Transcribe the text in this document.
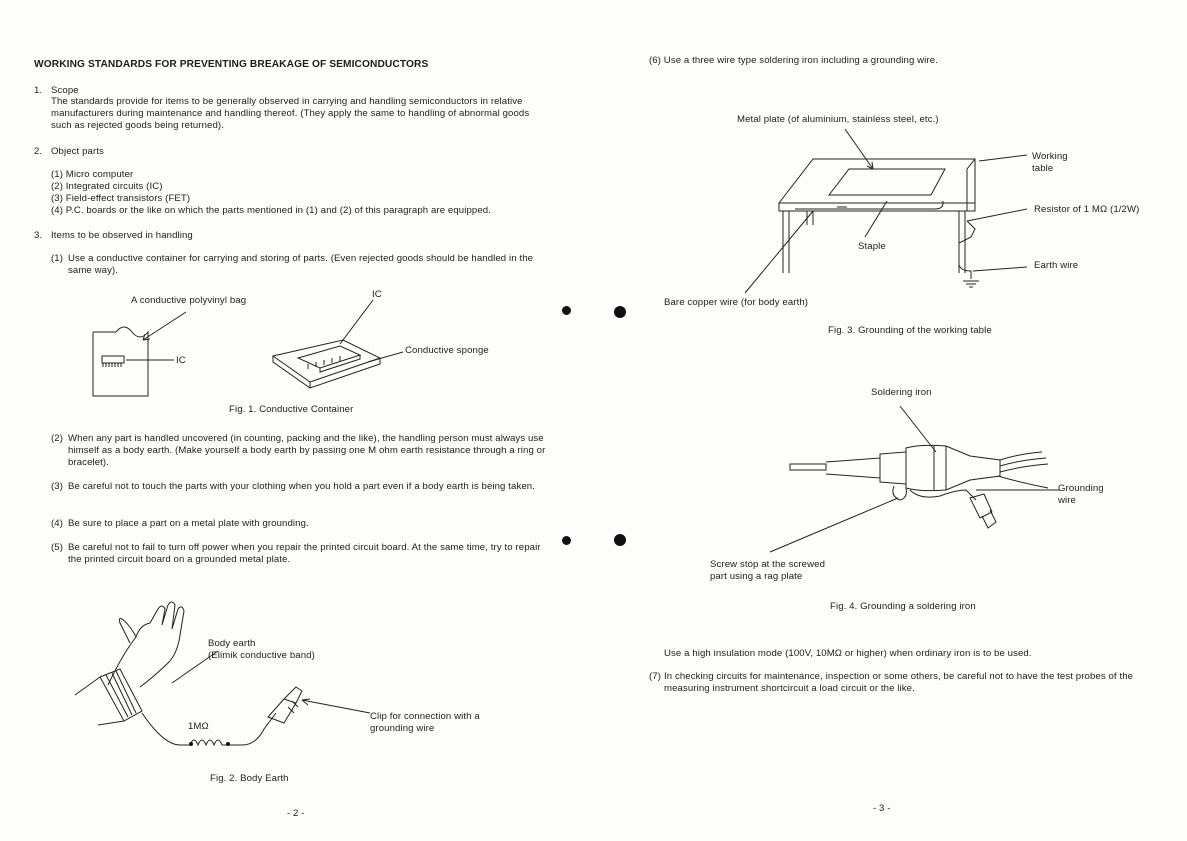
WORKING STANDARDS FOR PREVENTING BREAKAGE OF SEMICONDUCTORS
1. Scope
The standards provide for items to be generally observed in carrying and handling semiconductors in relative manufacturers during maintenance and handling thereof. (They apply the same to handling of abnormal goods such as rejected goods being returned).
2. Object parts
(1) Micro computer
(2) Integrated circuits (IC)
(3) Field-effect transistors (FET)
(4) P.C. boards or the like on which the parts mentioned in (1) and (2) of this paragraph are equipped.
3. Items to be observed in handling
(1) Use a conductive container for carrying and storing of parts. (Even rejected goods should be handled in the same way).
A conductive polyvinyl bag
IC
IC
Conductive sponge
Fig. 1. Conductive Container
(2) When any part is handled uncovered (in counting, packing and the like), the handling person must always use himself as a body earth. (Make yourself a body earth by passing one M ohm earth resistance through a ring or bracelet).
(3) Be careful not to touch the parts with your clothing when you hold a part even if a body earth is being taken.
(4) Be sure to place a part on a metal plate with grounding.
(5) Be careful not to fail to turn off power when you repair the printed circuit board. At the same time, try to repair the printed circuit board on a grounded metal plate.
Body earth
(Elimik conductive band)
1MΩ
Clip for connection with a
grounding wire
Fig. 2. Body Earth
- 2 -
(6) Use a three wire type soldering iron including a grounding wire.
Metal plate (of aluminium, stainless steel, etc.)
Working
table
Resistor of 1 MΩ (1/2W)
Staple
Earth wire
Bare copper wire (for body earth)
Fig. 3. Grounding of the working table
Soldering iron
Grounding
wire
Screw stop at the screwed
part using a rag plate
Fig. 4. Grounding a soldering iron
Use a high insulation mode (100V, 10MΩ or higher) when ordinary iron is to be used.
(7) In checking circuits for maintenance, inspection or some others, be careful not to have the test probes of the measuring instrument shortcircuit a load circuit or the like.
- 3 -
